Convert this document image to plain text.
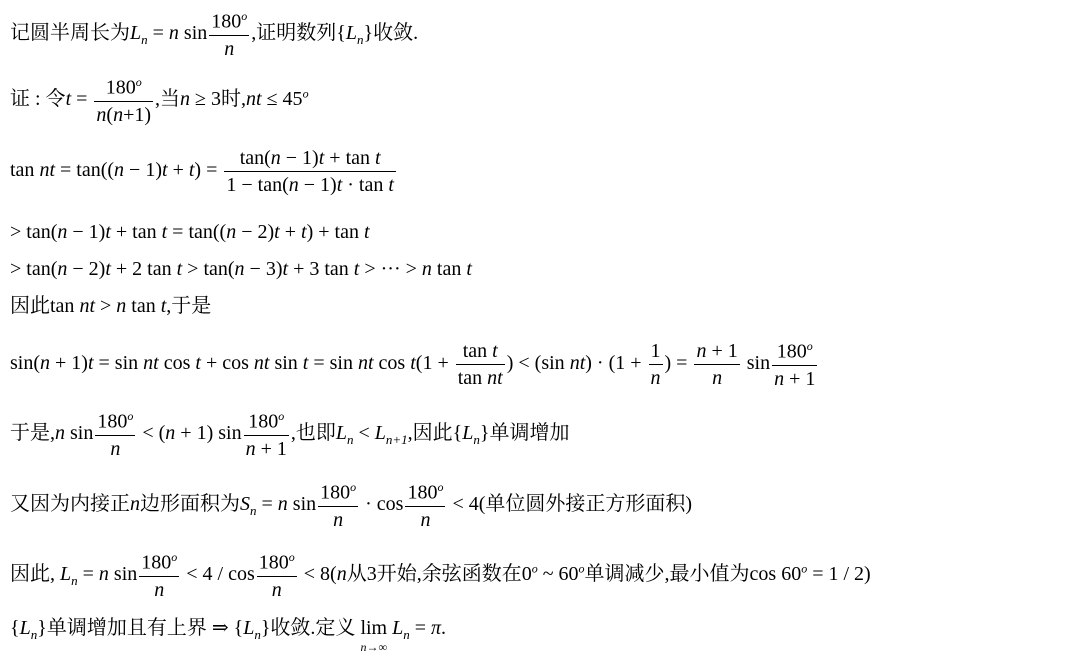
记圆半周长为$L_n = n$ $\sin \frac{180^o}{n}$ ,证明数列$\{L_n\}$收敛.
证 : 令$t = \frac{180^o}{n(n+1)}$ ,当n ≥ 3时$,nt \le 45^o$
tan nt = $\tan((n - 1)t + t) = \frac{\text{tan(n − 1)t + tan t}}{\text{1 − tan(n − 1)t · tan t}}$
> tan(n − 1)t + tan t = tan((n − 2)t + t) + tan t
> tan(n − 2)t + 2 tan t > tan(n − 3)t + 3 tan t > ··· > n tan t
因此tan nt > n tan t,于是
sin(n + 1)t = sin nt cos t + cos nt sin t = sin nt $\cos t(1 + \frac{\text{tan t}}{\text{tan nt}}$ ) < (sin $nt) \cdot (1 + \frac{1}{n}$ ) = $\frac{n + 1}{n}$ $\sin \frac{180^o}{n + 1}$
于是,n $\sin \frac{180^o}{n} < (n + 1)$ $\sin \frac{180^o}{n + 1}$ ,也即$L_n < L_{n+1}$,因此$\{L_n\}$单调增加
又因为内接正n边形面积为$S_n = n$ $\sin \frac{180^o}{n} \cdot \cos \frac{180^o}{n} < 4$(单位圆外接正方形面积)
因此, $L_n = n$ $\sin \frac{180^o}{n} < 4 / \cos \frac{180^o}{n} < 8(n$从3开始,余弦函数在0$^o$ ~ 60$^o$单调减少,最小值为$\cos 60^o = 1 / 2$)
$\{L_n\}$单调增加且有上界 ⇒ $\{L_n\}$收敛.定义 lim
n→∞
$L_n = \pi$.
